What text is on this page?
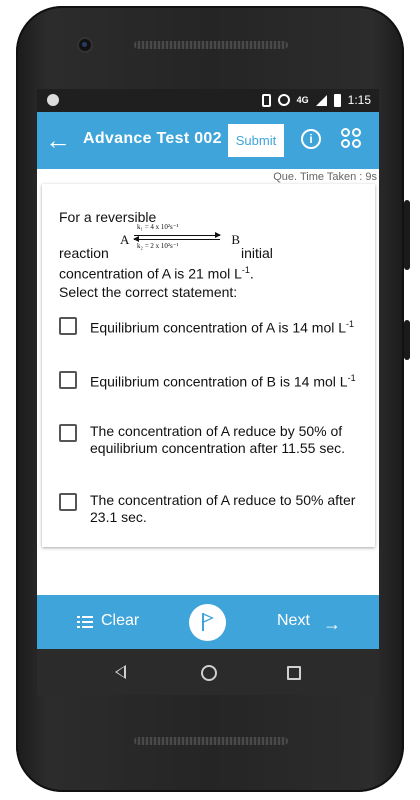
4G	1:15
← Advance Test 002	Submit	i
Que. Time Taken : 9s
For a reversible
reaction
A
k₁ = 4 x 10²s⁻¹
k₂ = 2 x 10²s⁻¹	B
initial
concentration of A is 21 mol $L^{-1}$.
Select the correct statement:
Equilibrium concentration of A is 14 mol $L^{-1}$
Equilibrium concentration of B is 14 mol $L^{-1}$
The concentration of A reduce by 50% of equilibrium concentration after 11.55 sec.
The concentration of A reduce to 50% after 23.1 sec.
Clear	Next →
